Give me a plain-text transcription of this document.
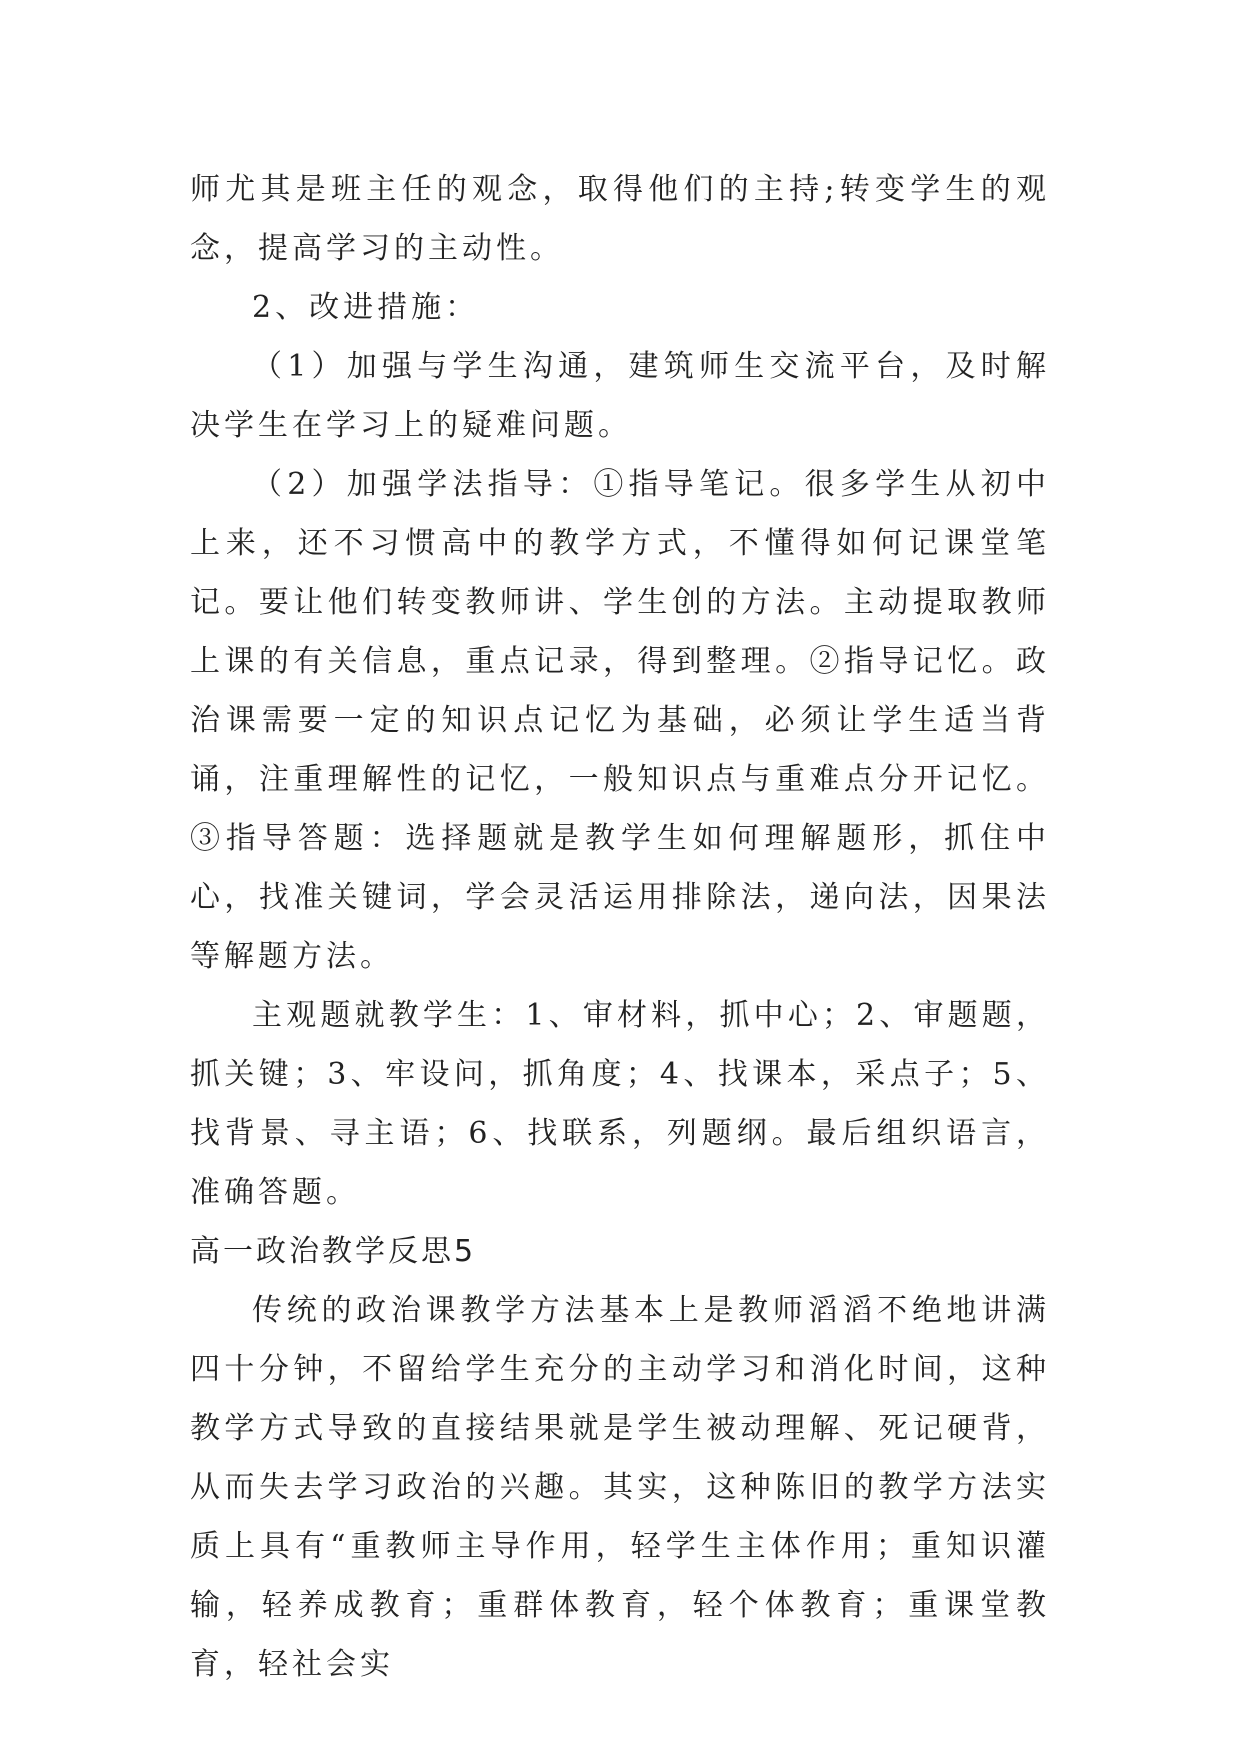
师尤其是班主任的观念，取得他们的主持;转变学生的观念，提高学习的主动性。

2、改进措施：

（1）加强与学生沟通，建筑师生交流平台，及时解决学生在学习上的疑难问题。

（2）加强学法指导：①指导笔记。很多学生从初中上来，还不习惯高中的教学方式，不懂得如何记课堂笔记。要让他们转变教师讲、学生创的方法。主动提取教师上课的有关信息，重点记录，得到整理。②指导记忆。政治课需要一定的知识点记忆为基础，必须让学生适当背诵，注重理解性的记忆，一般知识点与重难点分开记忆。③指导答题：选择题就是教学生如何理解题形，抓住中心，找准关键词，学会灵活运用排除法，递向法，因果法等解题方法。

主观题就教学生：1、审材料，抓中心；2、审题题，抓关键；3、牢设问，抓角度；4、找课本，采点子；5、找背景、寻主语；6、找联系，列题纲。最后组织语言，准确答题。

高一政治教学反思5

传统的政治课教学方法基本上是教师滔滔不绝地讲满四十分钟，不留给学生充分的主动学习和消化时间，这种教学方式导致的直接结果就是学生被动理解、死记硬背，从而失去学习政治的兴趣。其实，这种陈旧的教学方法实质上具有“重教师主导作用，轻学生主体作用；重知识灌输，轻养成教育；重群体教育，轻个体教育；重课堂教育，轻社会实
